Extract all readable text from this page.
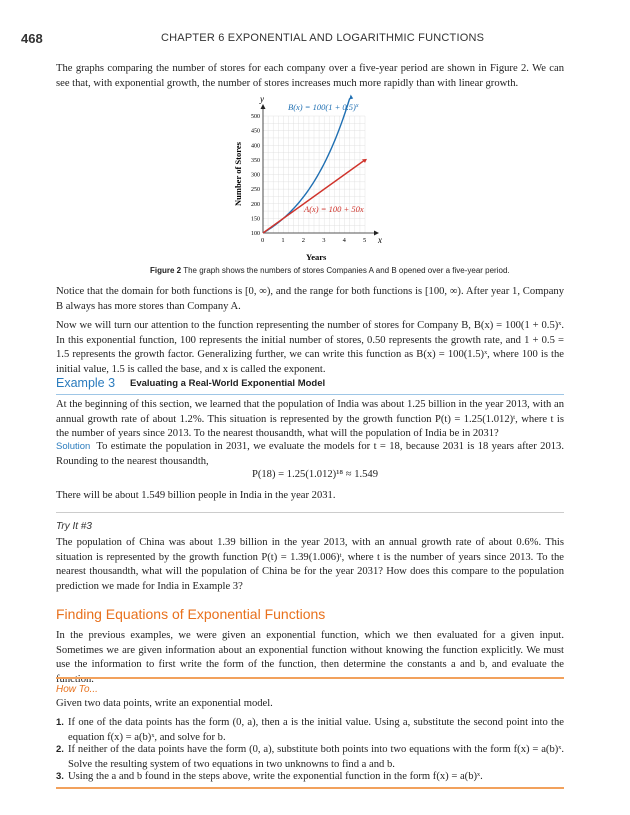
468	CHAPTER 6 EXPONENTIAL AND LOGARITHMIC FUNCTIONS

The graphs comparing the number of stores for each company over a five-year period are shown in Figure 2. We can see that, with exponential growth, the number of stores increases much more rapidly than with linear growth.

0	1	2	3	4	5
100
150
200
250
300
350
400
450
500
y
x
Years
Number of Stores
$B(x) = 100(1 + 0.5)^x$
A(x) = 100 + 50x
Figure 2 The graph shows the numbers of stores Companies A and B opened over a five-year period.

Notice that the domain for both functions is [0, ∞), and the range for both functions is [100, ∞). After year 1, Company B always has more stores than Company A.

Now we will turn our attention to the function representing the number of stores for Company B, B(x) = 100(1 + 0.5)ˣ. In this exponential function, 100 represents the initial number of stores, 0.50 represents the growth rate, and 1 + 0.5 = 1.5 represents the growth factor. Generalizing further, we can write this function as B(x) = 100(1.5)ˣ, where 100 is the initial value, 1.5 is called the base, and x is called the exponent.

Example 3 Evaluating a Real-World Exponential Model

At the beginning of this section, we learned that the population of India was about 1.25 billion in the year 2013, with an annual growth rate of about 1.2%. This situation is represented by the growth function P(t) = 1.25(1.012)ᵗ, where t is the number of years since 2013. To the nearest thousandth, what will the population of India be in 2031?

Solution To estimate the population in 2031, we evaluate the models for t = 18, because 2031 is 18 years after 2013. Rounding to the nearest thousandth,

P(18) = 1.25(1.012)¹⁸ ≈ 1.549

There will be about 1.549 billion people in India in the year 2031.

Try It #3

The population of China was about 1.39 billion in the year 2013, with an annual growth rate of about 0.6%. This situation is represented by the growth function P(t) = 1.39(1.006)ᵗ, where t is the number of years since 2013. To the nearest thousandth, what will the population of China be for the year 2031? How does this compare to the population prediction we made for India in Example 3?

Finding Equations of Exponential Functions

In the previous examples, we were given an exponential function, which we then evaluated for a given input. Sometimes we are given information about an exponential function without knowing the function explicitly. We must use the information to first write the form of the function, then determine the constants a and b, and evaluate the function.

How To...

Given two data points, write an exponential model.

1. If one of the data points has the form (0, a), then a is the initial value. Using a, substitute the second point into the equation f(x) = a(b)ˣ, and solve for b.
2. If neither of the data points have the form (0, a), substitute both points into two equations with the form f(x) = a(b)ˣ. Solve the resulting system of two equations in two unknowns to find a and b.
3. Using the a and b found in the steps above, write the exponential function in the form f(x) = a(b)ˣ.
